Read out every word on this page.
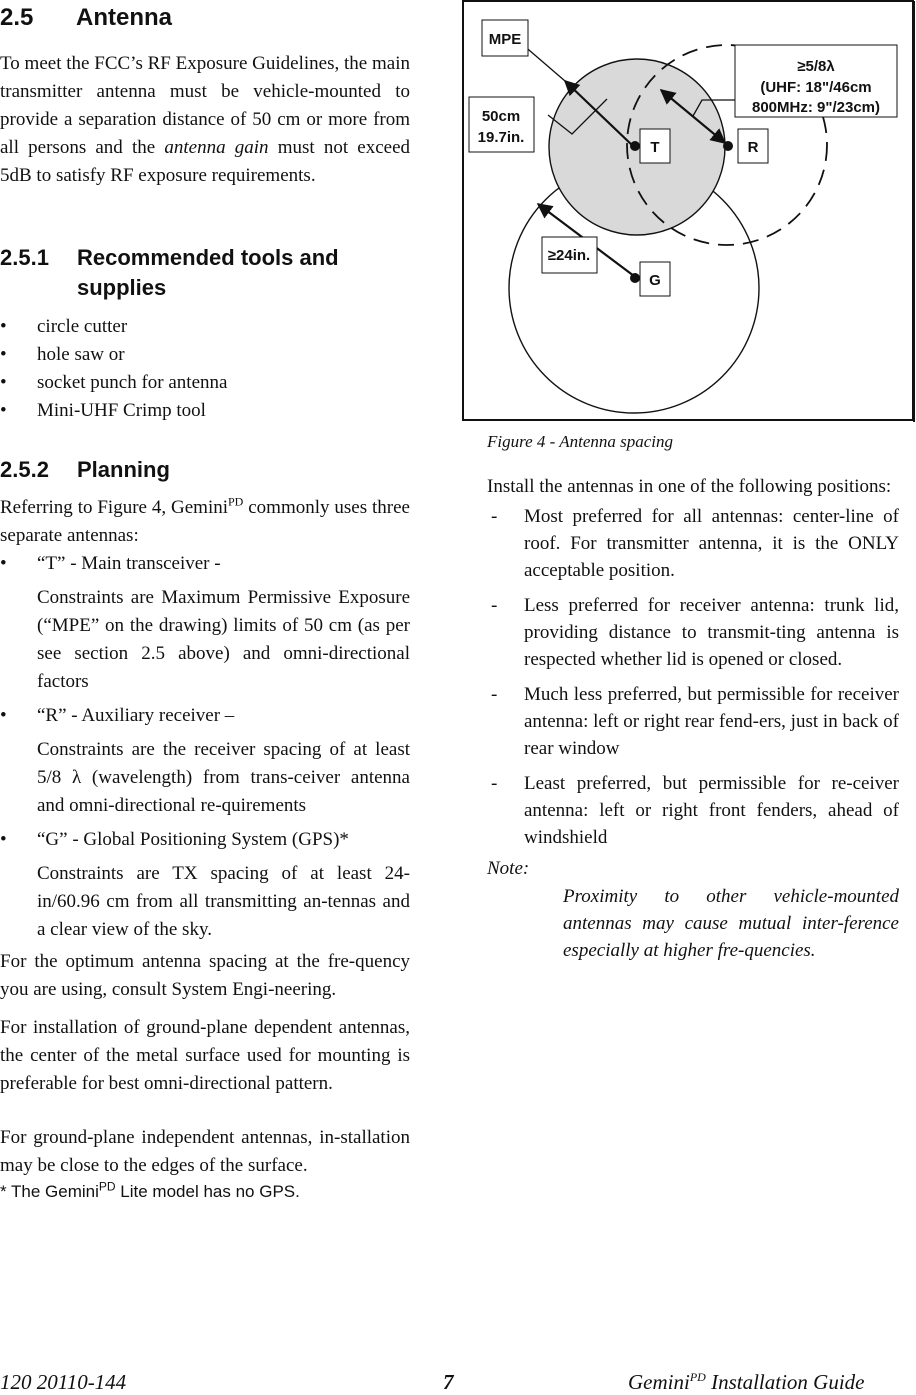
2.5 Antenna

To meet the FCC’s RF Exposure Guidelines, the main transmitter antenna must be vehicle-mounted to provide a separation distance of 50 cm or more from all persons and the antenna gain must not exceed 5dB to satisfy RF exposure requirements.

2.5.1 Recommended tools and supplies
• circle cutter
• hole saw or
• socket punch for antenna
• Mini-UHF Crimp tool
2.5.2 Planning

Referring to Figure 4, Gemini$^{PD}$ commonly uses three separate antennas:

• “T” - Main transceiver -

Constraints are Maximum Permissive Exposure (“MPE” on the drawing) limits of 50 cm (as per see section 2.5 above) and omni-directional factors

• “R” - Auxiliary receiver –

Constraints are the receiver spacing of at least 5/8 λ (wavelength) from trans-ceiver antenna and omni-directional re-quirements

• “G” - Global Positioning System (GPS)*

Constraints are TX spacing of at least 24-in/60.96 cm from all transmitting an-tennas and a clear view of the sky.

For the optimum antenna spacing at the fre-quency you are using, consult System Engi-neering.

For installation of ground-plane dependent antennas, the center of the metal surface used for mounting is preferable for best omni-directional pattern.

For ground-plane independent antennas, in-stallation may be close to the edges of the surface.

* The Gemini$^{PD}$ Lite model has no GPS.
MPE
50cm
19.7in.
≥5/8λ
(UHF: 18"/46cm
800MHz: 9"/23cm)
≥24in.
T	R
G
Figure 4 - Antenna spacing

Install the antennas in one of the following positions:

- Most preferred for all antennas: center-line of roof. For transmitter antenna, it is the ONLY acceptable position.
- Less preferred for receiver antenna: trunk lid, providing distance to transmit-ting antenna is respected whether lid is opened or closed.
- Much less preferred, but permissible for receiver antenna: left or right rear fend-ers, just in back of rear window
- Least preferred, but permissible for re-ceiver antenna: left or right front fenders, ahead of windshield
Note:

Proximity to other vehicle-mounted antennas may cause mutual inter-ference especially at higher fre-quencies.

120 20110-144	7	Gemini$^{PD}$ Installation Guide
